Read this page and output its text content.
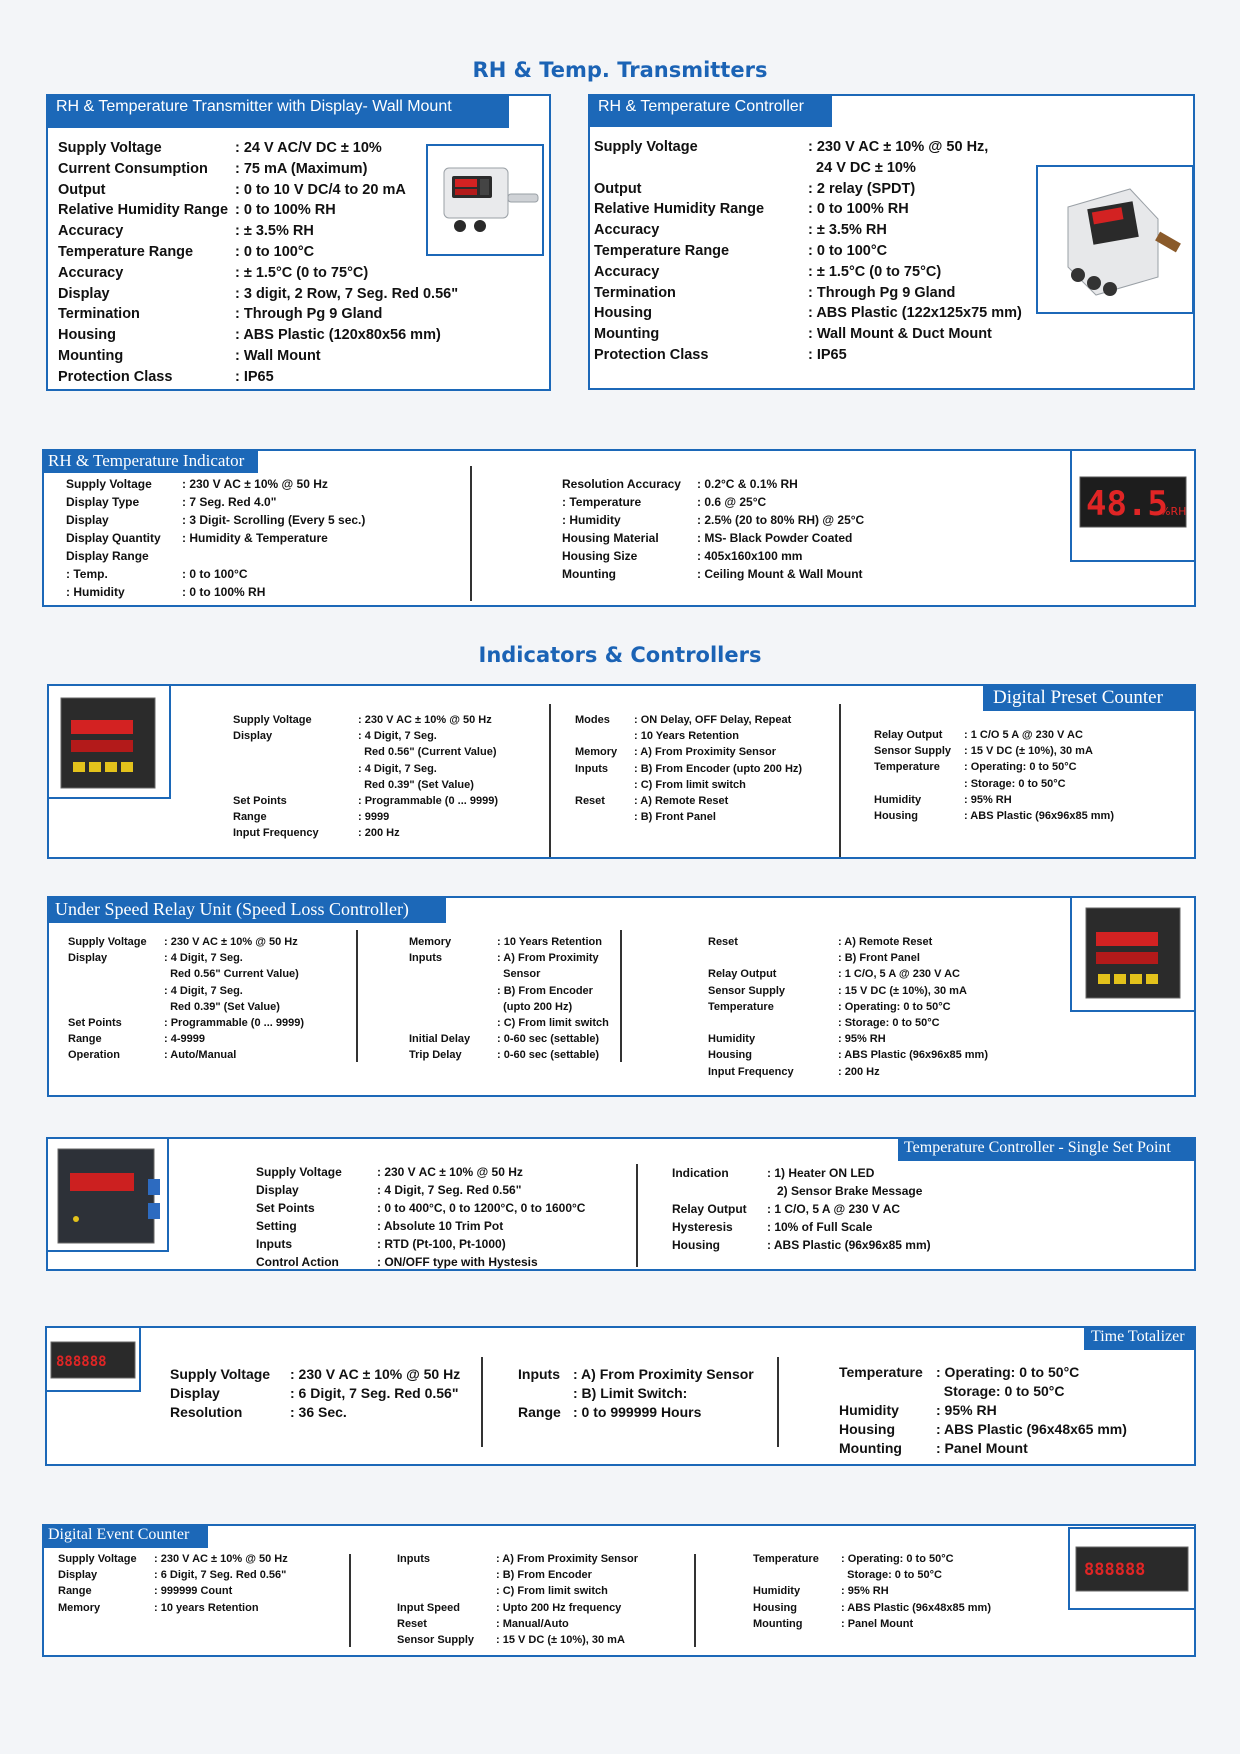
RH & Temp. Transmitters
RH & Temperature Transmitter with Display- Wall Mount
Supply Voltage	: 24 V AC/V DC ± 10%
Current Consumption	: 75 mA (Maximum)
Output	: 0 to 10 V DC/4 to 20 mA
Relative Humidity Range : 0 to 100% RH
Accuracy	: ± 3.5% RH
Temperature Range	: 0 to 100°C
Accuracy	: ± 1.5°C (0 to 75°C)
Display	: 3 digit, 2 Row, 7 Seg. Red 0.56"
Termination	: Through Pg 9 Gland
Housing	: ABS Plastic (120x80x56 mm)
Mounting	: Wall Mount
Protection Class	: IP65
RH & Temperature Controller
Supply Voltage	: 230 V AC ± 10% @ 50 Hz,
24 V DC ± 10%
Output	: 2 relay (SPDT)
Relative Humidity Range	: 0 to 100% RH
Accuracy	: ± 3.5% RH
Temperature Range	: 0 to 100°C
Accuracy	: ± 1.5°C (0 to 75°C)
Termination	: Through Pg 9 Gland
Housing	: ABS Plastic (122x125x75 mm)
Mounting	: Wall Mount & Duct Mount
Protection Class	: IP65
RH & Temperature Indicator
Supply Voltage	: 230 V AC ± 10% @ 50 Hz
Display Type	: 7 Seg. Red 4.0"
Display	: 3 Digit- Scrolling (Every 5 sec.)
Display Quantity	: Humidity & Temperature
Display Range
: Temp.	: 0 to 100°C
: Humidity	: 0 to 100% RH
Resolution Accuracy	: 0.2°C & 0.1% RH
: Temperature	: 0.6 @ 25°C
: Humidity	: 2.5% (20 to 80% RH) @ 25°C
Housing Material	: MS- Black Powder Coated
Housing Size	: 405x160x100 mm
Mounting	: Ceiling Mount & Wall Mount
48.5
%RH
Indicators & Controllers
Digital Preset Counter
Supply Voltage	: 230 V AC ± 10% @ 50 Hz
Display	: 4 Digit, 7 Seg.
Red 0.56" (Current Value)
: 4 Digit, 7 Seg.
Red 0.39" (Set Value)
Set Points	: Programmable (0 ... 9999)
Range	: 9999
Input Frequency	: 200 Hz
Modes	: ON Delay, OFF Delay, Repeat
: 10 Years Retention
Memory	: A) From Proximity Sensor
Inputs	: B) From Encoder (upto 200 Hz)
: C) From limit switch
Reset	: A) Remote Reset
: B) Front Panel
Relay Output	: 1 C/O 5 A @ 230 V AC
Sensor Supply	: 15 V DC (± 10%), 30 mA
Temperature	: Operating: 0 to 50°C
: Storage: 0 to 50°C
Humidity	: 95% RH
Housing	: ABS Plastic (96x96x85 mm)
Under Speed Relay Unit (Speed Loss Controller)
Supply Voltage	: 230 V AC ± 10% @ 50 Hz
Display	: 4 Digit, 7 Seg.
Red 0.56" Current Value)
: 4 Digit, 7 Seg.
Red 0.39" (Set Value)
Set Points	: Programmable (0 ... 9999)
Range	: 4-9999
Operation	: Auto/Manual
Memory	: 10 Years Retention
Inputs	: A) From Proximity
Sensor
: B) From Encoder
(upto 200 Hz)
: C) From limit switch
Initial Delay	: 0-60 sec (settable)
Trip Delay	: 0-60 sec (settable)
Reset	: A) Remote Reset
: B) Front Panel
Relay Output	: 1 C/O, 5 A @ 230 V AC
Sensor Supply	: 15 V DC (± 10%), 30 mA
Temperature	: Operating: 0 to 50°C
: Storage: 0 to 50°C
Humidity	: 95% RH
Housing	: ABS Plastic (96x96x85 mm)
Input Frequency	: 200 Hz
Temperature Controller - Single Set Point
Supply Voltage	: 230 V AC ± 10% @ 50 Hz
Display	: 4 Digit, 7 Seg. Red 0.56"
Set Points	: 0 to 400°C, 0 to 1200°C, 0 to 1600°C
Setting	: Absolute 10 Trim Pot
Inputs	: RTD (Pt-100, Pt-1000)
Control Action	: ON/OFF type with Hystesis
Indication	: 1) Heater ON LED
2) Sensor Brake Message
Relay Output	: 1 C/O, 5 A @ 230 V AC
Hysteresis	: 10% of Full Scale
Housing	: ABS Plastic (96x96x85 mm)
Time Totalizer
888888
Supply Voltage	: 230 V AC ± 10% @ 50 Hz
Display	: 6 Digit, 7 Seg. Red 0.56"
Resolution	: 36 Sec.
Inputs : A) From Proximity Sensor
: B) Limit Switch:
Range : 0 to 999999 Hours
Temperature : Operating: 0 to 50°C
Storage: 0 to 50°C
Humidity	: 95% RH
Housing	: ABS Plastic (96x48x65 mm)
Mounting	: Panel Mount
Digital Event Counter
Supply Voltage	: 230 V AC ± 10% @ 50 Hz
Display	: 6 Digit, 7 Seg. Red 0.56"
Range	: 999999 Count
Memory	: 10 years Retention
Inputs	: A) From Proximity Sensor
: B) From Encoder
: C) From limit switch
Input Speed	: Upto 200 Hz frequency
Reset	: Manual/Auto
Sensor Supply	: 15 V DC (± 10%), 30 mA
Temperature	: Operating: 0 to 50°C
Storage: 0 to 50°C
Humidity	: 95% RH
Housing	: ABS Plastic (96x48x85 mm)
Mounting	: Panel Mount
888888
